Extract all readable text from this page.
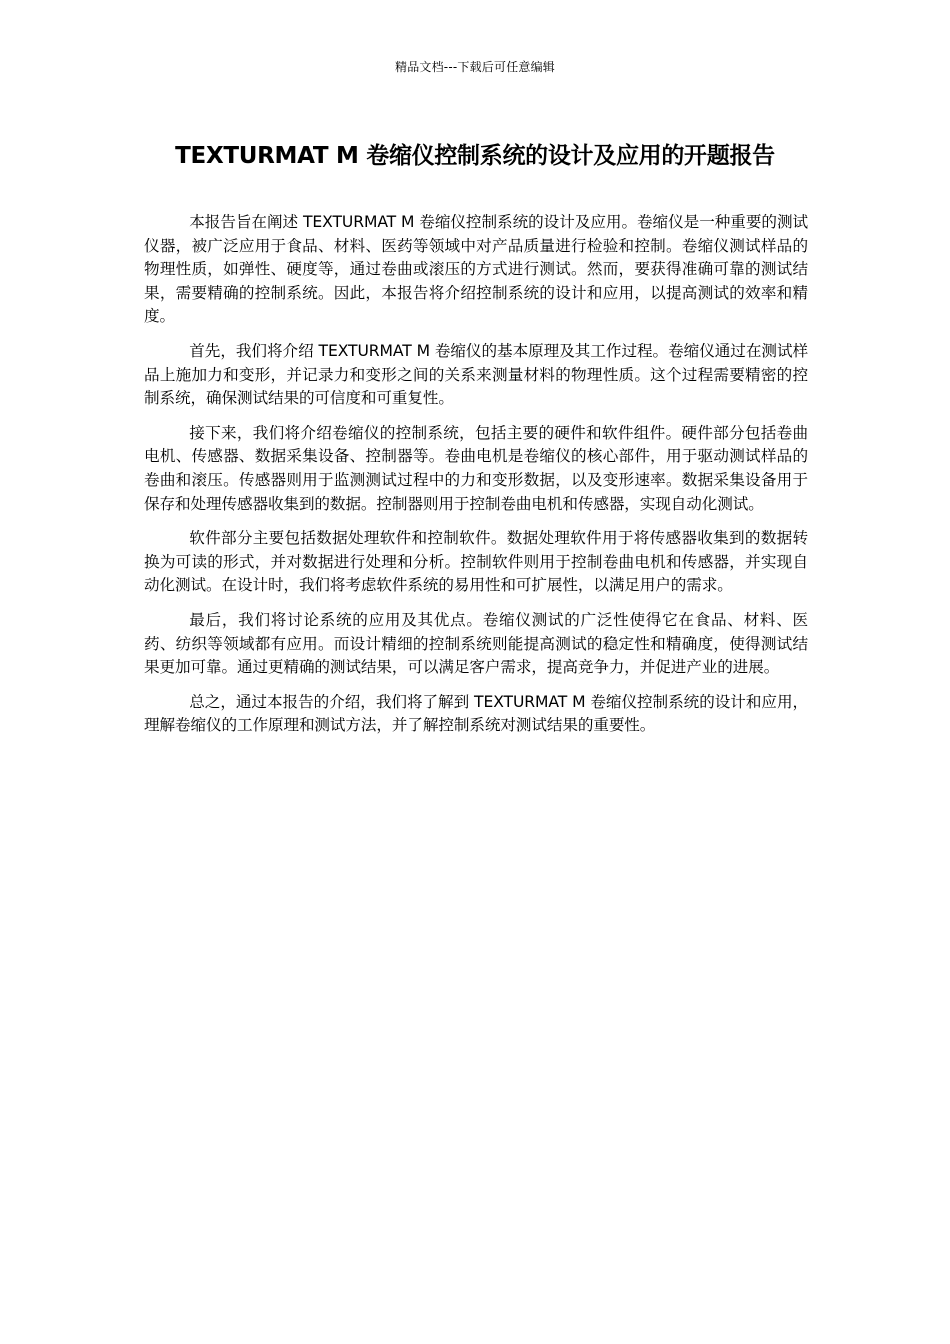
精品文档---下载后可任意编辑
TEXTURMAT M 卷缩仪控制系统的设计及应用的开题报告

本报告旨在阐述 TEXTURMAT M 卷缩仪控制系统的设计及应用。卷缩仪是一种重要的测试仪器，被广泛应用于食品、材料、医药等领域中对产品质量进行检验和控制。卷缩仪测试样品的物理性质，如弹性、硬度等，通过卷曲或滚压的方式进行测试。然而，要获得准确可靠的测试结果，需要精确的控制系统。因此，本报告将介绍控制系统的设计和应用，以提高测试的效率和精度。

首先，我们将介绍 TEXTURMAT M 卷缩仪的基本原理及其工作过程。卷缩仪通过在测试样品上施加力和变形，并记录力和变形之间的关系来测量材料的物理性质。这个过程需要精密的控制系统，确保测试结果的可信度和可重复性。

接下来，我们将介绍卷缩仪的控制系统，包括主要的硬件和软件组件。硬件部分包括卷曲电机、传感器、数据采集设备、控制器等。卷曲电机是卷缩仪的核心部件，用于驱动测试样品的卷曲和滚压。传感器则用于监测测试过程中的力和变形数据，以及变形速率。数据采集设备用于保存和处理传感器收集到的数据。控制器则用于控制卷曲电机和传感器，实现自动化测试。

软件部分主要包括数据处理软件和控制软件。数据处理软件用于将传感器收集到的数据转换为可读的形式，并对数据进行处理和分析。控制软件则用于控制卷曲电机和传感器，并实现自动化测试。在设计时，我们将考虑软件系统的易用性和可扩展性，以满足用户的需求。

最后，我们将讨论系统的应用及其优点。卷缩仪测试的广泛性使得它在食品、材料、医药、纺织等领域都有应用。而设计精细的控制系统则能提高测试的稳定性和精确度，使得测试结果更加可靠。通过更精确的测试结果，可以满足客户需求，提高竞争力，并促进产业的进展。

总之，通过本报告的介绍，我们将了解到 TEXTURMAT M 卷缩仪控制系统的设计和应用，理解卷缩仪的工作原理和测试方法，并了解控制系统对测试结果的重要性。
